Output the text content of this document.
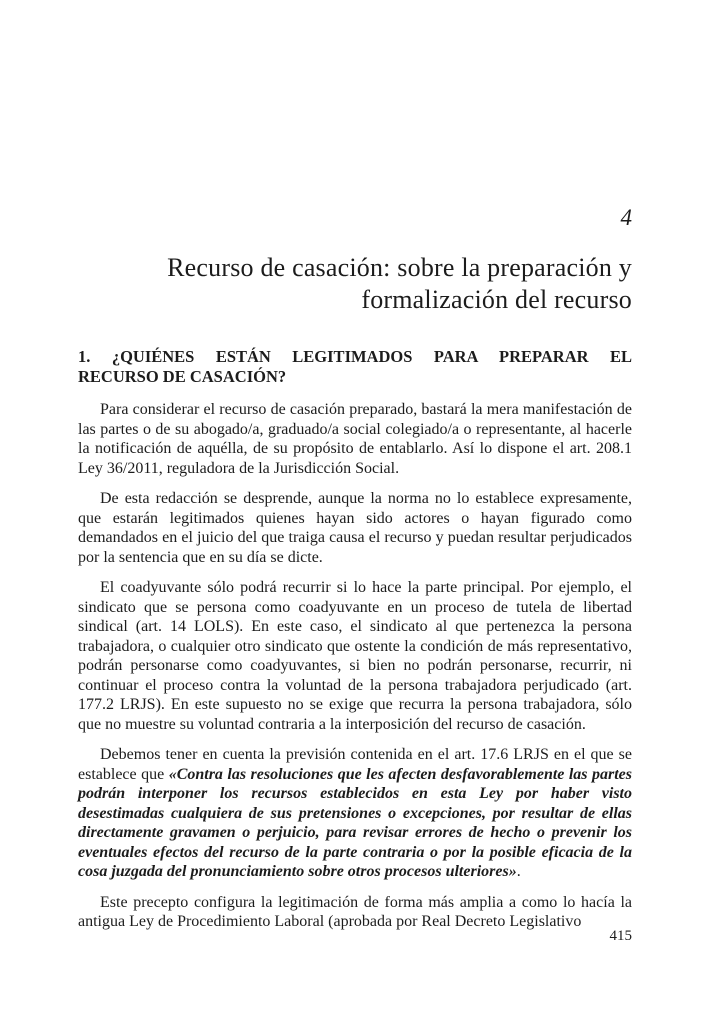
4
Recurso de casación: sobre la preparación y
formalización del recurso
1. ¿QUIÉNES ESTÁN LEGITIMADOS PARA PREPARAR EL
RECURSO DE CASACIÓN?

Para considerar el recurso de casación preparado, bastará la mera manifestación de las partes o de su abogado/a, graduado/a social colegiado/a o representante, al hacerle la notificación de aquélla, de su propósito de entablarlo. Así lo dispone el art. 208.1 Ley 36/2011, reguladora de la Jurisdicción Social.

De esta redacción se desprende, aunque la norma no lo establece expresamente, que estarán legitimados quienes hayan sido actores o hayan figurado como demandados en el juicio del que traiga causa el recurso y puedan resultar perjudicados por la sentencia que en su día se dicte.

El coadyuvante sólo podrá recurrir si lo hace la parte principal. Por ejemplo, el sindicato que se persona como coadyuvante en un proceso de tutela de libertad sindical (art. 14 LOLS). En este caso, el sindicato al que pertenezca la persona trabajadora, o cualquier otro sindicato que ostente la condición de más representativo, podrán personarse como coadyuvantes, si bien no podrán personarse, recurrir, ni continuar el proceso contra la voluntad de la persona trabajadora perjudicado (art. 177.2 LRJS). En este supuesto no se exige que recurra la persona trabajadora, sólo que no muestre su voluntad contraria a la interposición del recurso de casación.

Debemos tener en cuenta la previsión contenida en el art. 17.6 LRJS en el que se establece que «Contra las resoluciones que les afecten desfavorablemente las partes podrán interponer los recursos establecidos en esta Ley por haber visto desestimadas cualquiera de sus pretensiones o excepciones, por resultar de ellas directamente gravamen o perjuicio, para revisar errores de hecho o prevenir los eventuales efectos del recurso de la parte contraria o por la posible eficacia de la cosa juzgada del pronunciamiento sobre otros procesos ulteriores».

Este precepto configura la legitimación de forma más amplia a como lo hacía la antigua Ley de Procedimiento Laboral (aprobada por Real Decreto Legislativo

415
